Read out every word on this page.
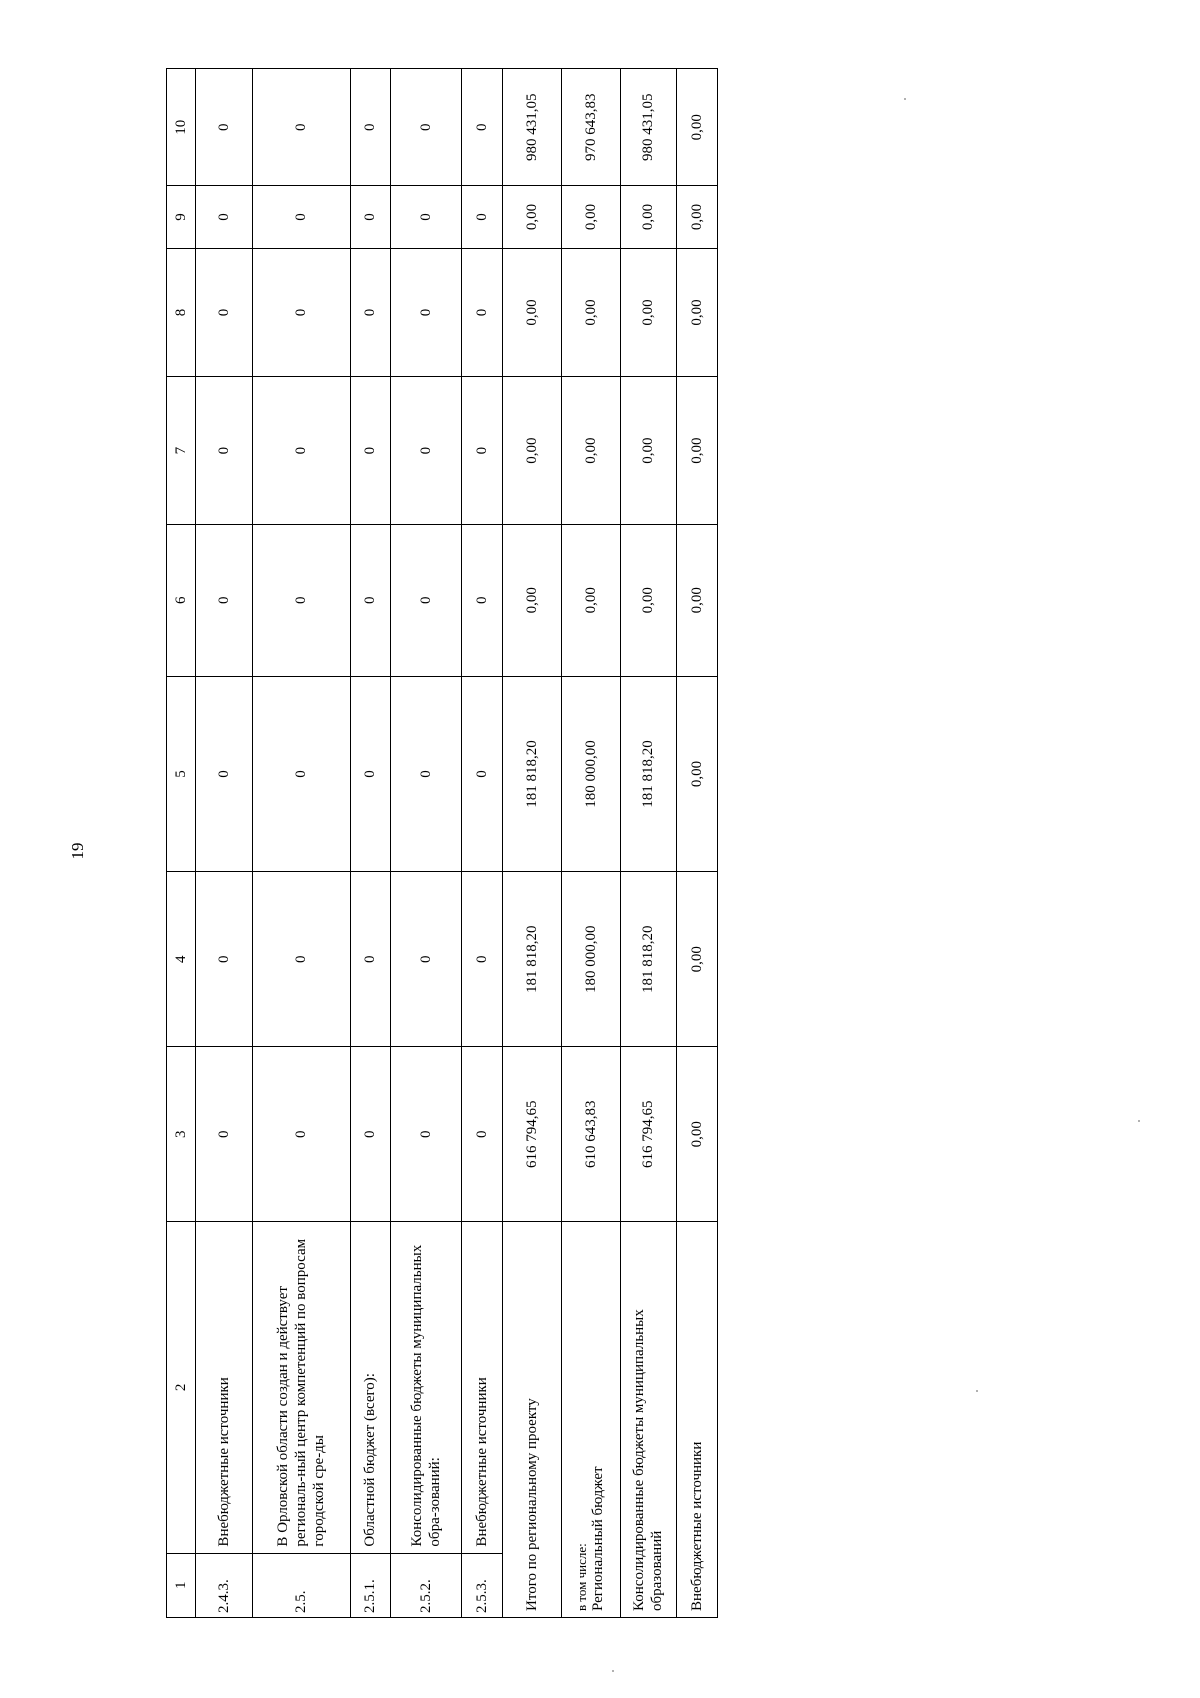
19
1	2	3	4	5	6	7	8	9	10
2.4.3.	Внебюджетные источники	0	0	0	0	0	0	0	0
2.5.	В Орловской области создан и действует региональ-ный центр компетенций по вопросам городской сре-ды	0	0	0	0	0	0	0	0
2.5.1.	Областной бюджет (всего):	0	0	0	0	0	0	0	0
2.5.2.	Консолидированные бюджеты муниципальных обра-зований:	0	0	0	0	0	0	0	0
2.5.3.	Внебюджетные источники	0	0	0	0	0	0	0	0
Итого по региональному проекту		616 794,65	181 818,20	181 818,20	0,00	0,00	0,00	0,00	980 431,05

в том числе: Региональный бюджет		610 643,83	180 000,00	180 000,00	0,00	0,00	0,00	0,00	970 643,83
Консолидированные бюджеты муниципальных образований		616 794,65	181 818,20	181 818,20	0,00	0,00	0,00	0,00	980 431,05
Внебюджетные источники		0,00	0,00	0,00	0,00	0,00	0,00	0,00	0,00
